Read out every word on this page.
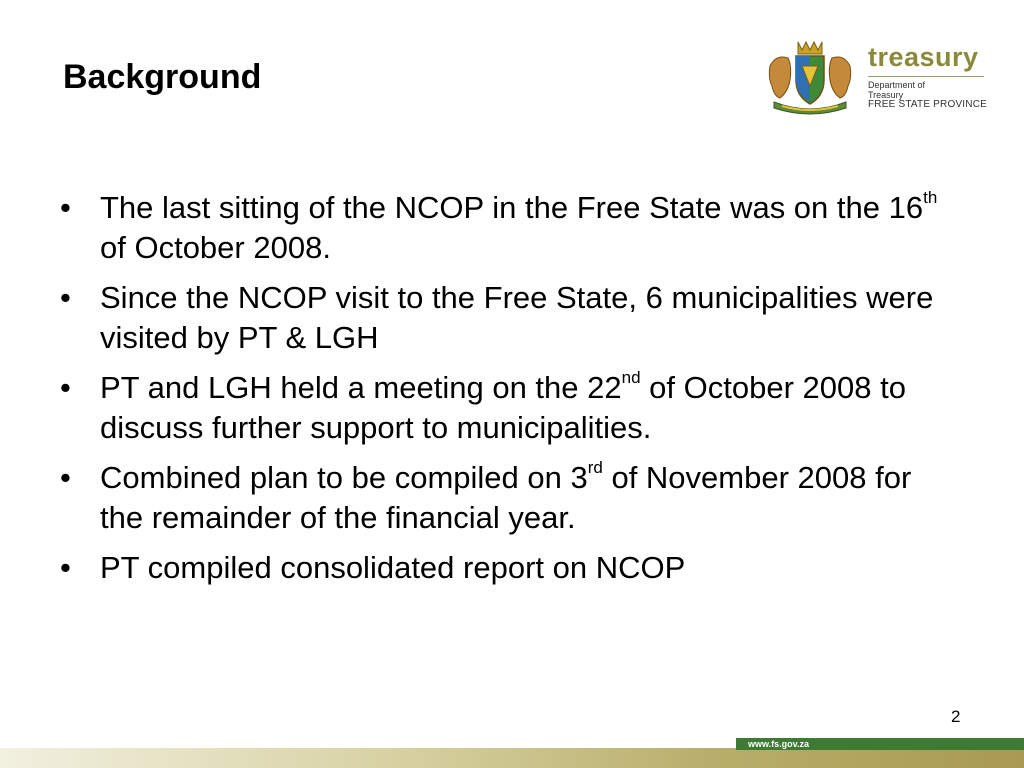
Background
treasury
Department of
Treasury
FREE STATE PROVINCE
• The last sitting of the NCOP in the Free State was on the 16th of October 2008.
• Since the NCOP visit to the Free State, 6 municipalities were visited by PT & LGH
• PT and LGH held a meeting on the 22nd of October 2008 to discuss further support to municipalities.
• Combined plan to be compiled on 3rd of November 2008 for the remainder of the financial year.
• PT compiled consolidated report on NCOP
2
www.fs.gov.za
